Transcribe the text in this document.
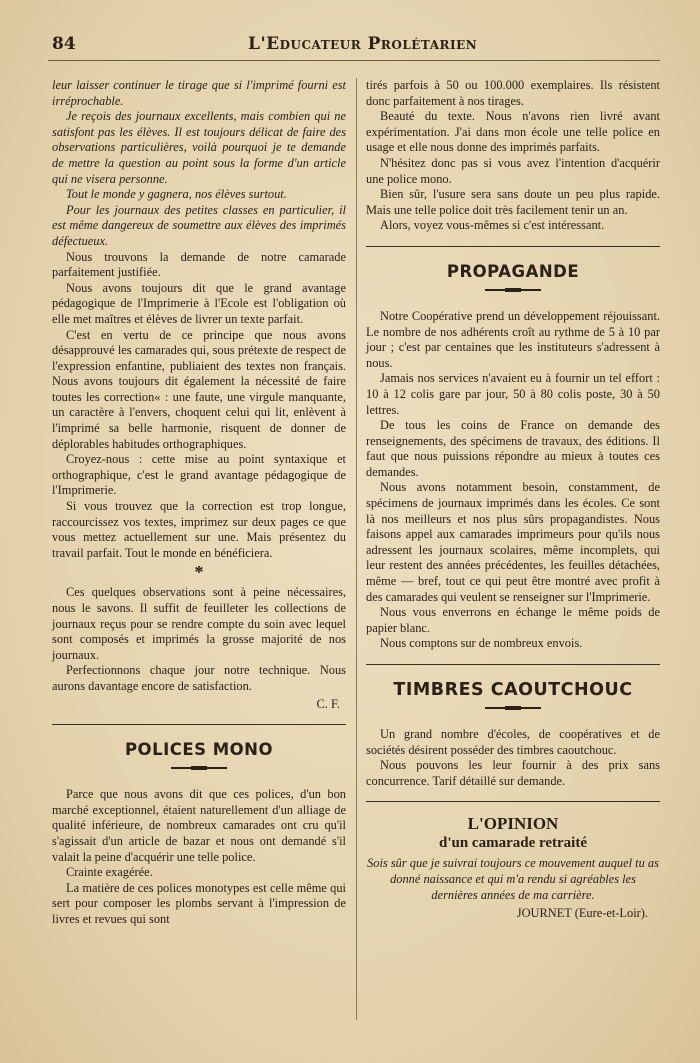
84	L'Educateur Prolétarien

leur laisser continuer le tirage que si l'imprimé fourni est irréprochable.

Je reçois des journaux excellents, mais combien qui ne satisfont pas les élèves. Il est toujours délicat de faire des observations particulières, voilà pourquoi je te demande de mettre la question au point sous la forme d'un article qui ne visera personne.

Tout le monde y gagnera, nos élèves surtout.

Pour les journaux des petites classes en particulier, il est même dangereux de soumettre aux élèves des imprimés défectueux.

Nous trouvons la demande de notre camarade parfaitement justifiée.

Nous avons toujours dit que le grand avantage pédagogique de l'Imprimerie à l'Ecole est l'obligation où elle met maîtres et élèves de livrer un texte parfait.

C'est en vertu de ce principe que nous avons désapprouvé les camarades qui, sous prétexte de respect de l'expression enfantine, publiaient des textes non français. Nous avons toujours dit également la nécessité de faire toutes les correction« : une faute, une virgule manquante, un caractère à l'envers, choquent celui qui lit, enlèvent à l'imprimé sa belle harmonie, risquent de donner de déplorables habitudes orthographiques.

Croyez-nous : cette mise au point syntaxique et orthographique, c'est le grand avantage pédagogique de l'Imprimerie.

Si vous trouvez que la correction est trop longue, raccourcissez vos textes, imprimez sur deux pages ce que vous mettez actuellement sur une. Mais présentez du travail parfait. Tout le monde en bénéficiera.

*

Ces quelques observations sont à peine nécessaires, nous le savons. Il suffit de feuilleter les collections de journaux reçus pour se rendre compte du soin avec lequel sont composés et imprimés la grosse majorité de nos journaux.

Perfectionnons chaque jour notre technique. Nous aurons davantage encore de satisfaction.

C. F.
POLICES MONO

Parce que nous avons dit que ces polices, d'un bon marché exceptionnel, étaient naturellement d'un alliage de qualité inférieure, de nombreux camarades ont cru qu'il s'agissait d'un article de bazar et nous ont demandé s'il valait la peine d'acquérir une telle police.

Crainte exagérée.

La matière de ces polices monotypes est celle même qui sert pour composer les plombs servant à l'impression de livres et revues qui sont

tirés parfois à 50 ou 100.000 exemplaires. Ils résistent donc parfaitement à nos tirages.

Beauté du texte. Nous n'avons rien livré avant expérimentation. J'ai dans mon école une telle police en usage et elle nous donne des imprimés parfaits.

N'hésitez donc pas si vous avez l'intention d'acquérir une police mono.

Bien sûr, l'usure sera sans doute un peu plus rapide. Mais une telle police doit très facilement tenir un an.

Alors, voyez vous-mêmes si c'est intéressant.

PROPAGANDE

Notre Coopérative prend un développement réjouissant. Le nombre de nos adhérents croît au rythme de 5 à 10 par jour ; c'est par centaines que les instituteurs s'adressent à nous.

Jamais nos services n'avaient eu à fournir un tel effort : 10 à 12 colis gare par jour, 50 à 80 colis poste, 30 à 50 lettres.

De tous les coins de France on demande des renseignements, des spécimens de travaux, des éditions. Il faut que nous puissions répondre au mieux à toutes ces demandes.

Nous avons notamment besoin, constamment, de spécimens de journaux imprimés dans les écoles. Ce sont là nos meilleurs et nos plus sûrs propagandistes. Nous faisons appel aux camarades imprimeurs pour qu'ils nous adressent les journaux scolaires, même incomplets, qui leur restent des années précédentes, les feuilles détachées, même — bref, tout ce qui peut être montré avec profit à des camarades qui veulent se renseigner sur l'Imprimerie.

Nous vous enverrons en échange le même poids de papier blanc.

Nous comptons sur de nombreux envois.

TIMBRES CAOUTCHOUC

Un grand nombre d'écoles, de coopératives et de sociétés désirent posséder des timbres caoutchouc.

Nous pouvons les leur fournir à des prix sans concurrence. Tarif détaillé sur demande.

L'OPINION
d'un camarade retraité
Sois sûr que je suivrai toujours ce mouvement auquel tu as donné naissance et qui m'a rendu si agréables les dernières années de ma carrière.
JOURNET (Eure-et-Loir).
